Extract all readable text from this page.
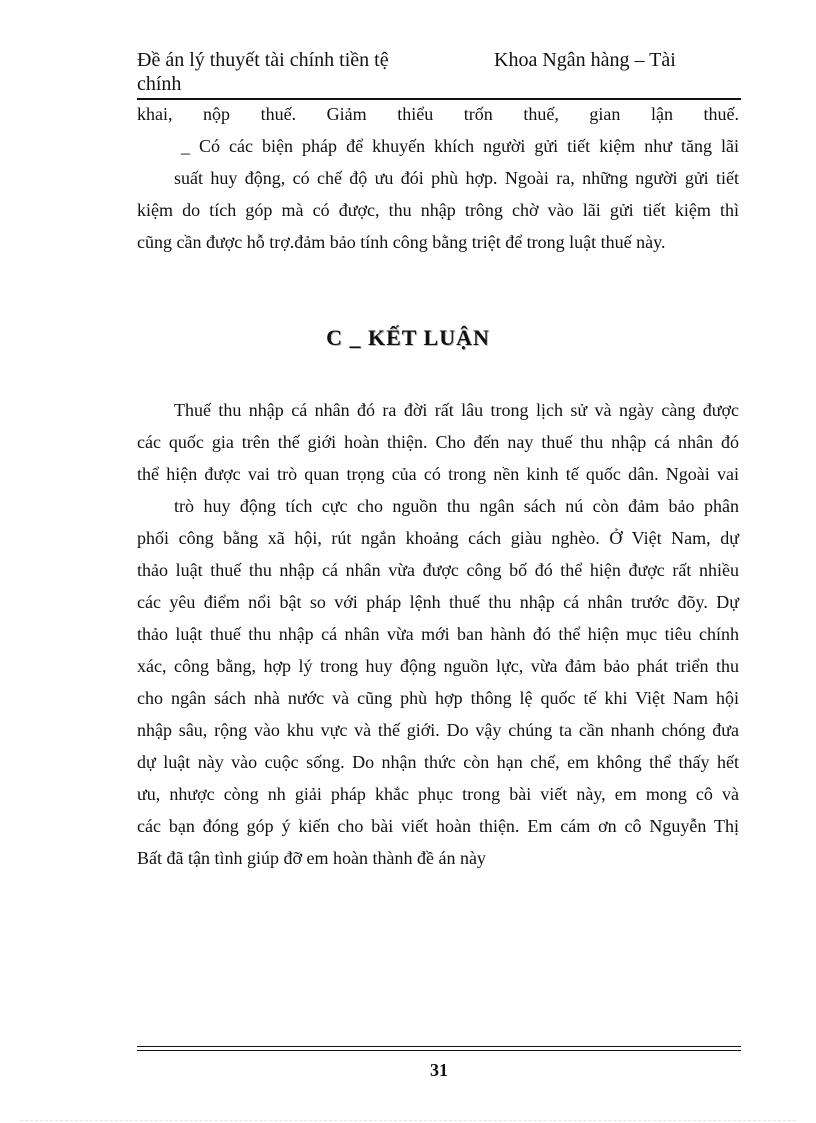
Đề án lý thuyết tài chính tiền tệ chính

Khoa Ngân hàng – Tài

khai, nộp thuế. Giảm thiểu trốn thuế, gian lận thuế.
_ Có các biện pháp để khuyến khích người gửi tiết kiệm như tăng lãi
suất huy động, có chế độ ưu đói phù hợp. Ngoài ra, những người gửi tiết
kiệm do tích góp mà có được, thu nhập trông chờ vào lãi gửi tiết kiệm thì
cũng cần được hỗ trợ.đảm bảo tính công bằng triệt để trong luật thuế này.
C _ KẾT LUẬN
Thuế thu nhập cá nhân đó ra đời rất lâu trong lịch sử và ngày càng được
các quốc gia trên thế giới hoàn thiện. Cho đến nay thuế thu nhập cá nhân đó
thể hiện được vai trò quan trọng của có trong nền kinh tế quốc dân. Ngoài vai
trò huy động tích cực cho nguồn thu ngân sách nú còn đảm bảo phân
phối công bằng xã hội, rút ngắn khoảng cách giàu nghèo. Ở Việt Nam, dự
thảo luật thuế thu nhập cá nhân vừa được công bố đó thể hiện được rất nhiều
các yêu điểm nổi bật so với pháp lệnh thuế thu nhập cá nhân trước đõy. Dự
thảo luật thuế thu nhập cá nhân vừa mới ban hành đó thể hiện mục tiêu chính
xác, công bằng, hợp lý trong huy động nguồn lực, vừa đảm bảo phát triển thu
cho ngân sách nhà nước và cũng phù hợp thông lệ quốc tế khi Việt Nam hội
nhập sâu, rộng vào khu vực và thế giới. Do vậy chúng ta cần nhanh chóng đưa
dự luật này vào cuộc sống. Do nhận thức còn hạn chế, em không thể thấy hết
ưu, nhược còng nh giải pháp khắc phục trong bài viết này, em mong cô và
các bạn đóng góp ý kiến cho bài viết hoàn thiện. Em cám ơn cô Nguyễn Thị
Bất đã tận tình giúp đỡ em hoàn thành đề án này

31
